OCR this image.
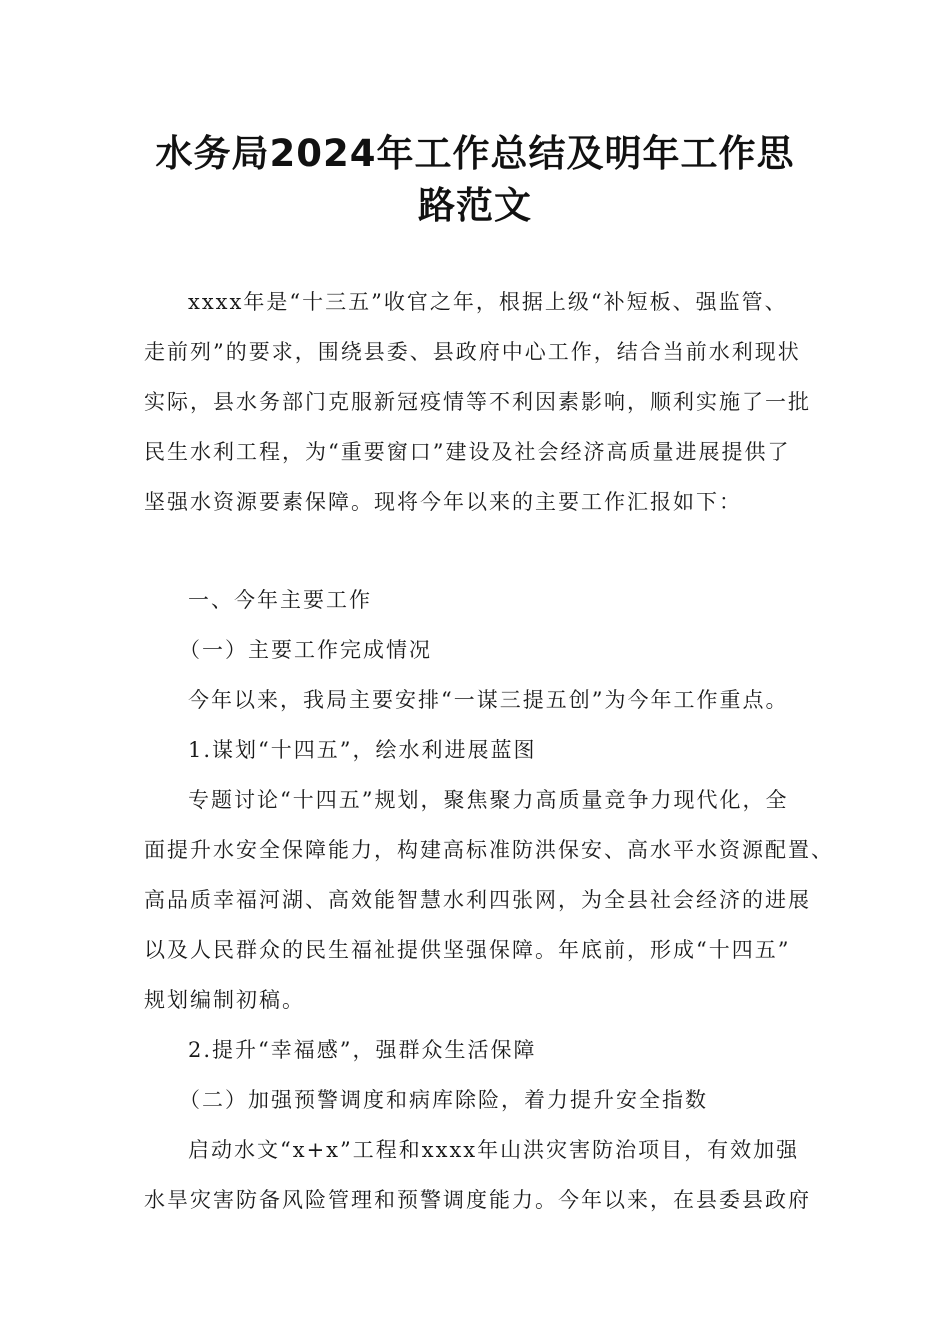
水务局2024年工作总结及明年工作思
路范文
xxxx年是“十三五”收官之年，根据上级“补短板、强监管、
走前列”的要求，围绕县委、县政府中心工作，结合当前水利现状
实际，县水务部门克服新冠疫情等不利因素影响，顺利实施了一批
民生水利工程，为“重要窗口”建设及社会经济高质量进展提供了
坚强水资源要素保障。现将今年以来的主要工作汇报如下：
一、今年主要工作
（一）主要工作完成情况
今年以来，我局主要安排“一谋三提五创”为今年工作重点。
1.谋划“十四五”，绘水利进展蓝图
专题讨论“十四五”规划，聚焦聚力高质量竞争力现代化，全
面提升水安全保障能力，构建高标准防洪保安、高水平水资源配置、
高品质幸福河湖、高效能智慧水利四张网，为全县社会经济的进展
以及人民群众的民生福祉提供坚强保障。年底前，形成“十四五”
规划编制初稿。
2.提升“幸福感”，强群众生活保障
（二）加强预警调度和病库除险，着力提升安全指数
启动水文“x+x”工程和xxxx年山洪灾害防治项目，有效加强
水旱灾害防备风险管理和预警调度能力。今年以来，在县委县政府
